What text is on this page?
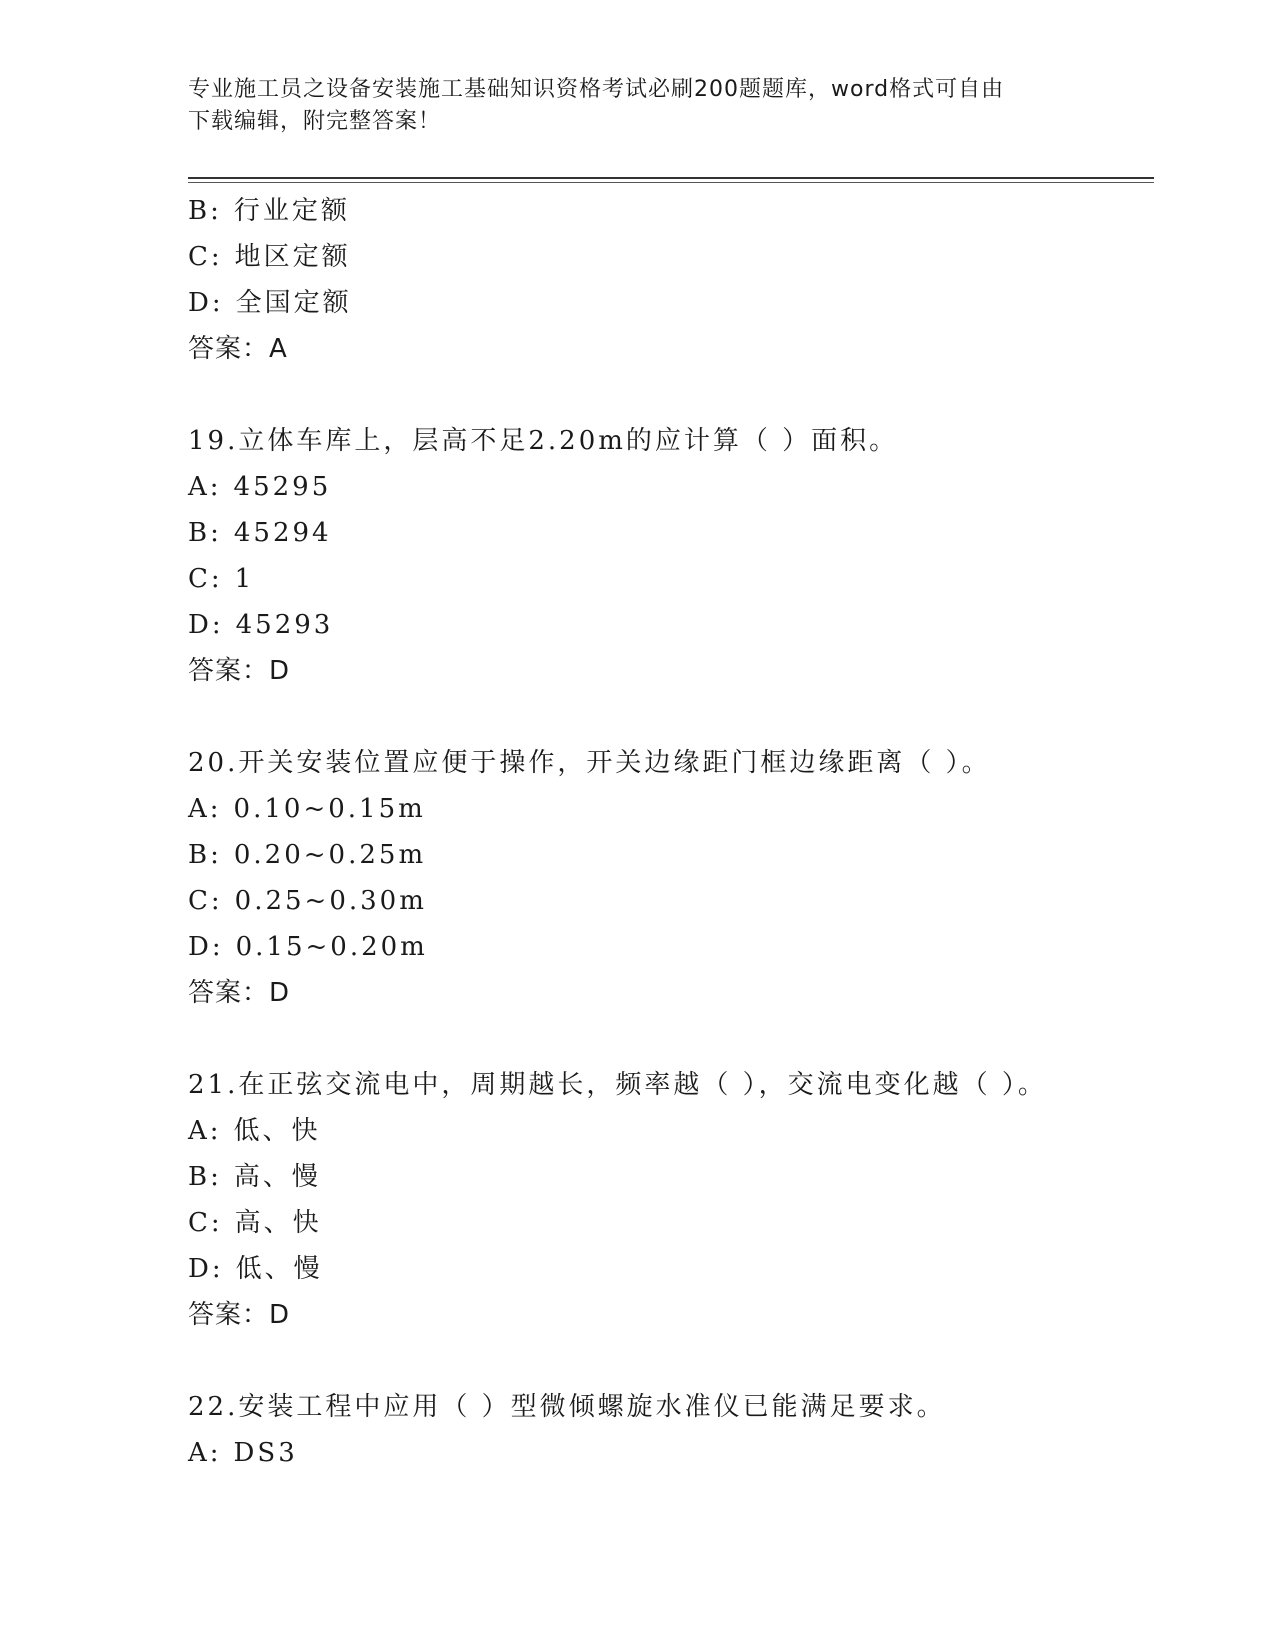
专业施工员之设备安装施工基础知识资格考试必刷200题题库，word格式可自由
下载编辑，附完整答案！
B: 行业定额
C: 地区定额
D: 全国定额
答案：A
19.立体车库上，层高不足2.20m的应计算（ ）面积。
A: 45295
B: 45294
C: 1
D: 45293
答案：D
20.开关安装位置应便于操作，开关边缘距门框边缘距离（ ）。
A: 0.10~0.15m
B: 0.20~0.25m
C: 0.25~0.30m
D: 0.15~0.20m
答案：D
21.在正弦交流电中，周期越长，频率越（ ），交流电变化越（ ）。
A: 低、快
B: 高、慢
C: 高、快
D: 低、慢
答案：D
22.安装工程中应用（ ）型微倾螺旋水准仪已能满足要求。
A: DS3
